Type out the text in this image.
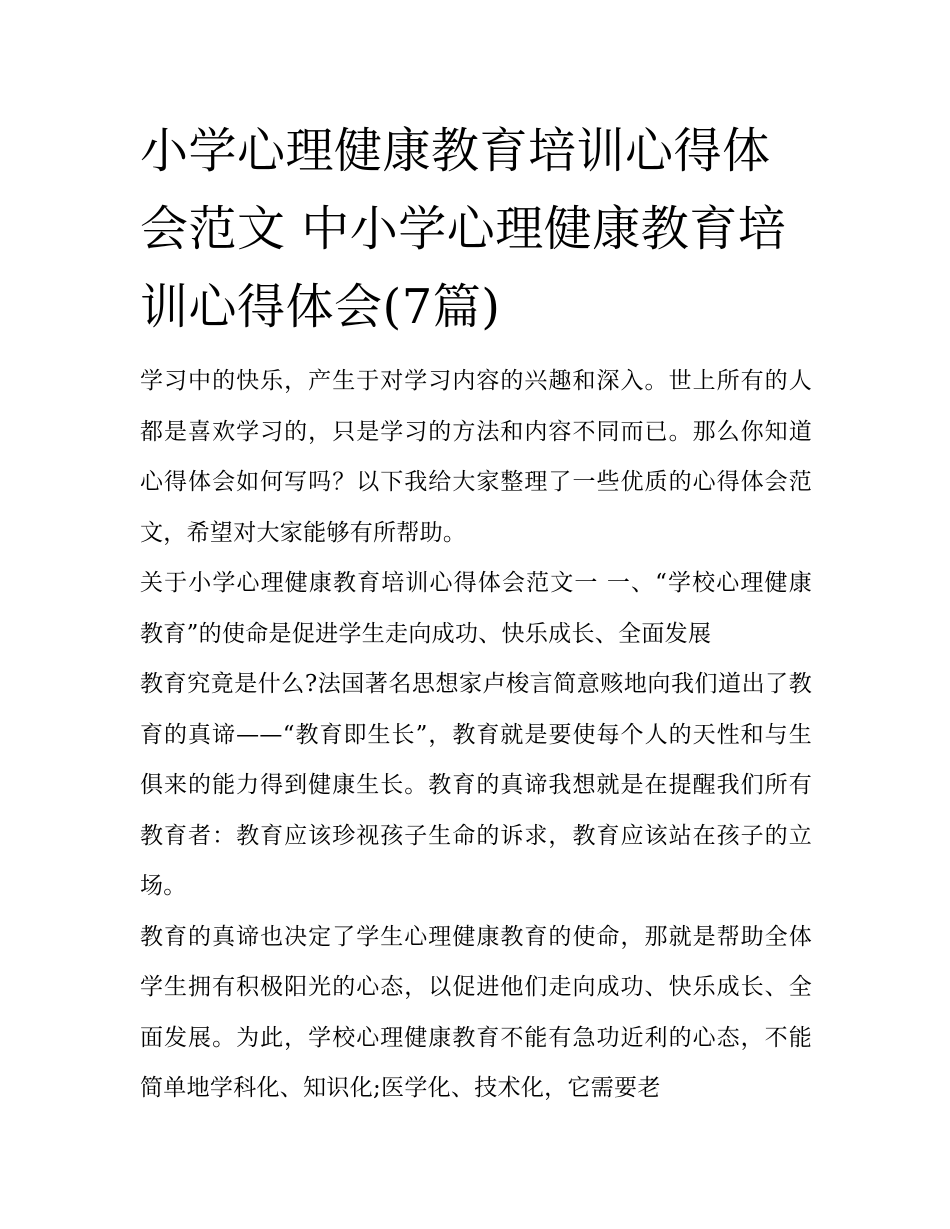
小学心理健康教育培训心得体会范文 中小学心理健康教育培训心得体会(7篇)

学习中的快乐，产生于对学习内容的兴趣和深入。世上所有的人都是喜欢学习的，只是学习的方法和内容不同而已。那么你知道心得体会如何写吗？以下我给大家整理了一些优质的心得体会范文，希望对大家能够有所帮助。

关于小学心理健康教育培训心得体会范文一 一、“学校心理健康教育”的使命是促进学生走向成功、快乐成长、全面发展

教育究竟是什么?法国著名思想家卢梭言简意赅地向我们道出了教育的真谛——“教育即生长”，教育就是要使每个人的天性和与生俱来的能力得到健康生长。教育的真谛我想就是在提醒我们所有教育者：教育应该珍视孩子生命的诉求，教育应该站在孩子的立场。

教育的真谛也决定了学生心理健康教育的使命，那就是帮助全体学生拥有积极阳光的心态，以促进他们走向成功、快乐成长、全面发展。为此，学校心理健康教育不能有急功近利的心态，不能简单地学科化、知识化;医学化、技术化，它需要老
